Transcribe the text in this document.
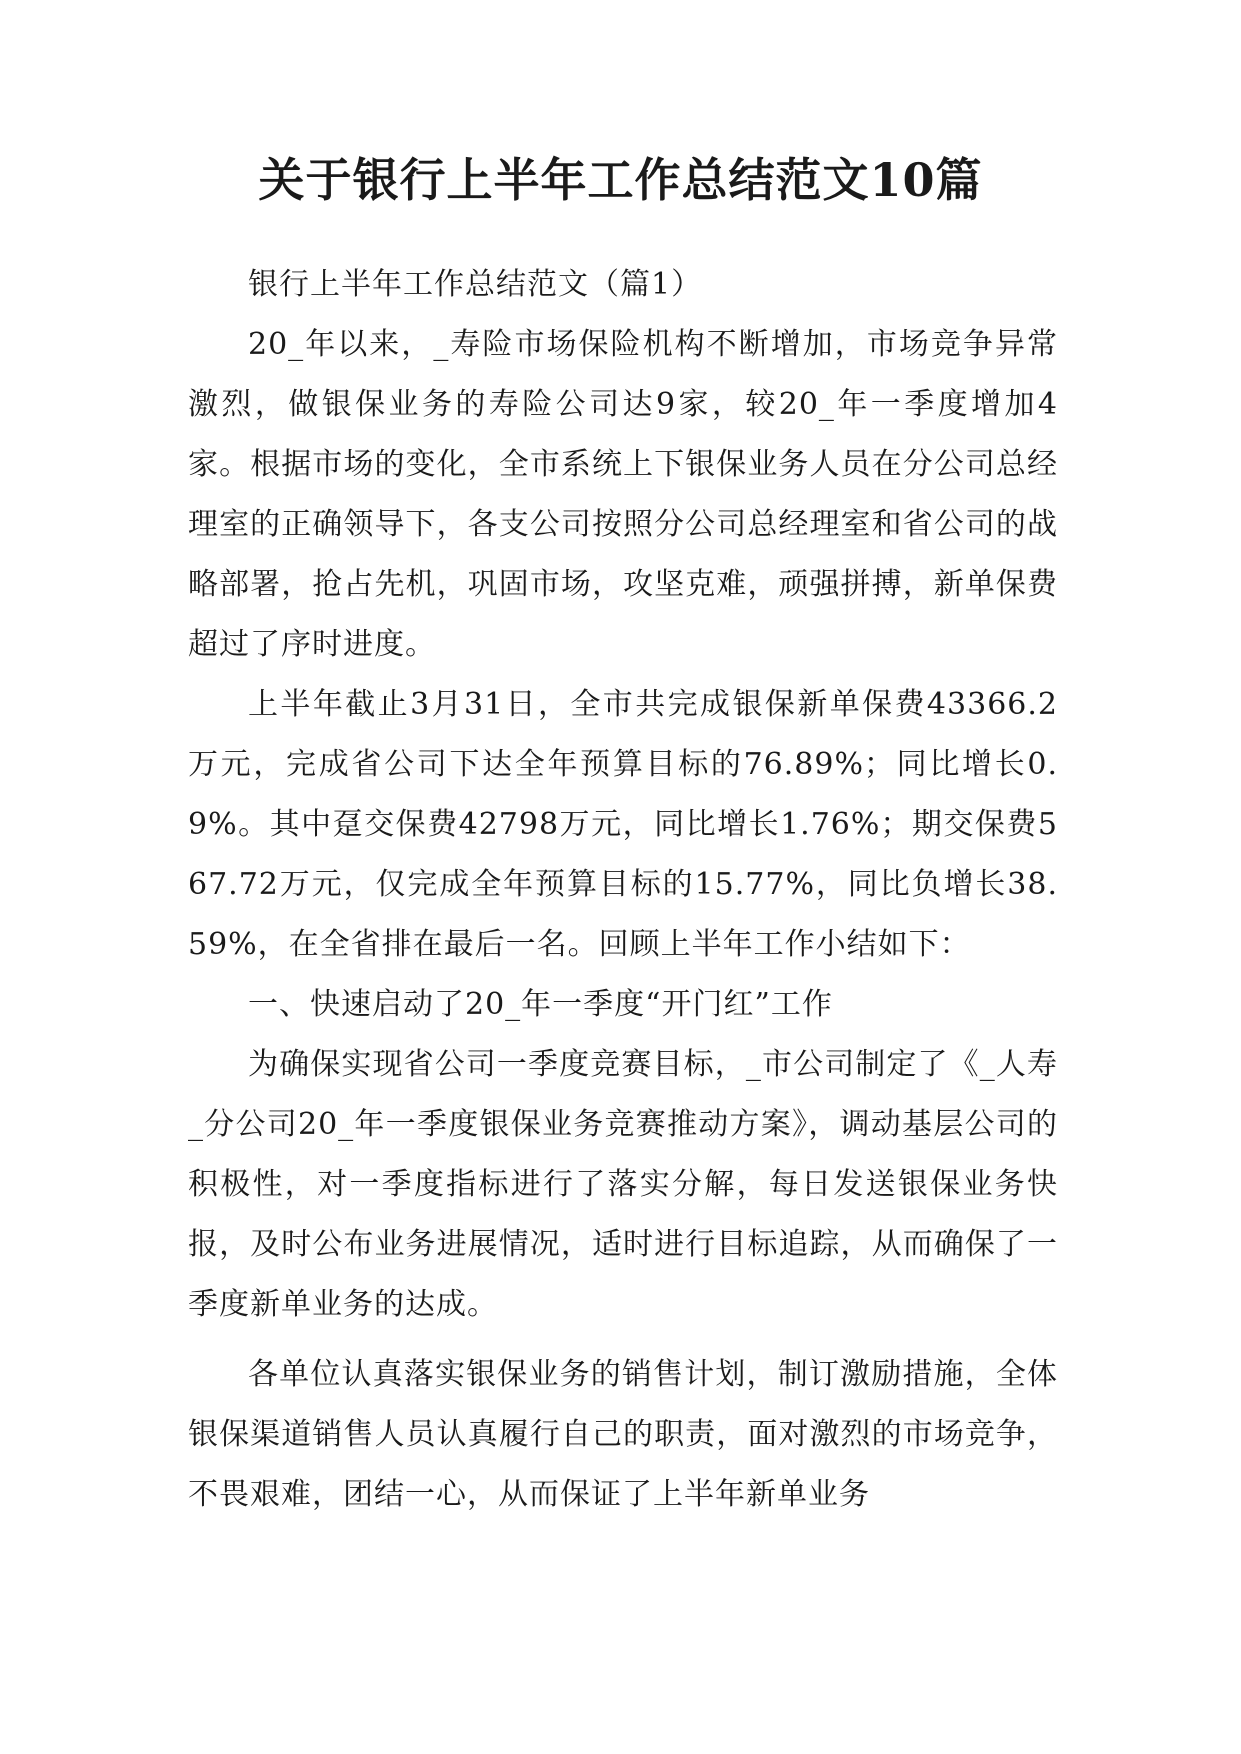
关于银行上半年工作总结范文10篇

银行上半年工作总结范文（篇1）

20_年以来，_寿险市场保险机构不断增加，市场竞争异常激烈，做银保业务的寿险公司达9家，较20_年一季度增加4家。根据市场的变化，全市系统上下银保业务人员在分公司总经理室的正确领导下，各支公司按照分公司总经理室和省公司的战略部署，抢占先机，巩固市场，攻坚克难，顽强拼搏，新单保费超过了序时进度。

上半年截止3月31日，全市共完成银保新单保费43366.2万元，完成省公司下达全年预算目标的76.89%；同比增长0.9%。其中趸交保费42798万元，同比增长1.76%；期交保费567.72万元，仅完成全年预算目标的15.77%，同比负增长38.59%，在全省排在最后一名。回顾上半年工作小结如下：

一、快速启动了20_年一季度“开门红”工作

为确保实现省公司一季度竞赛目标，_市公司制定了《_人寿_分公司20_年一季度银保业务竞赛推动方案》，调动基层公司的积极性，对一季度指标进行了落实分解，每日发送银保业务快报，及时公布业务进展情况，适时进行目标追踪，从而确保了一季度新单业务的达成。

各单位认真落实银保业务的销售计划，制订激励措施，全体银保渠道销售人员认真履行自己的职责，面对激烈的市场竞争，不畏艰难，团结一心，从而保证了上半年新单业务
